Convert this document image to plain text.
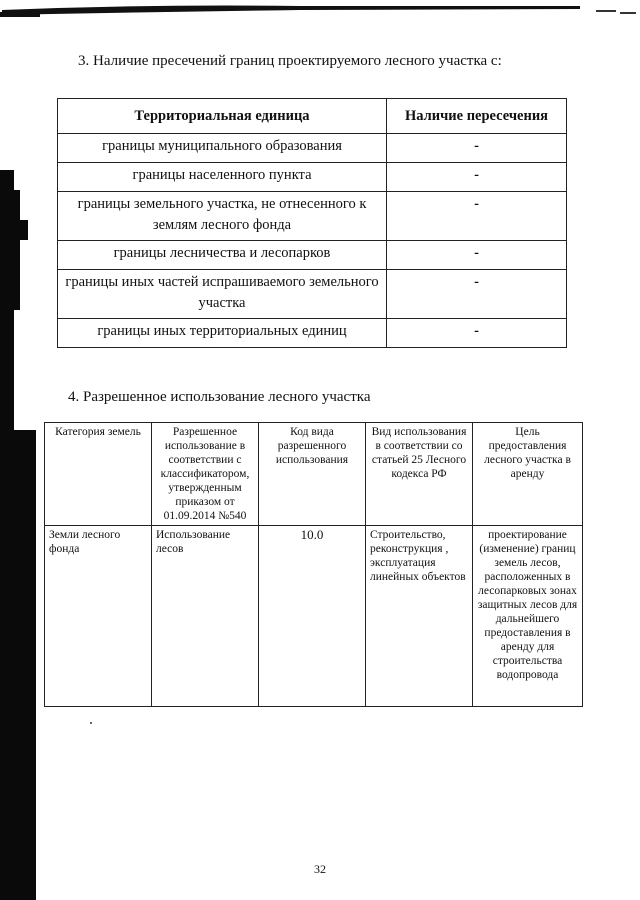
3. Наличие пресечений границ проектируемого лесного участка с:
Территориальная единица	Наличие пересечения
границы муниципального образования	-
границы населенного пункта	-
границы земельного участка, не отнесенного к землям лесного фонда	-
границы лесничества и лесопарков	-
границы иных частей испрашиваемого земельного участка	-
границы иных территориальных единиц	-
4. Разрешенное использование лесного участка
Категория земель	Разрешенное использование в соответствии с классификатором, утвержденным приказом от 01.09.2014 №540	Код вида разрешенного использования	Вид использования в соответствии со статьей 25 Лесного кодекса РФ	Цель предоставления лесного участка в аренду
Земли лесного фонда	Использование лесов	10.0	Строительство, реконструкция , эксплуатация линейных объектов	проектирование (изменение) границ земель лесов, расположенных в лесопарковых зонах защитных лесов для дальнейшего предоставления в аренду для строительства водопровода
32
